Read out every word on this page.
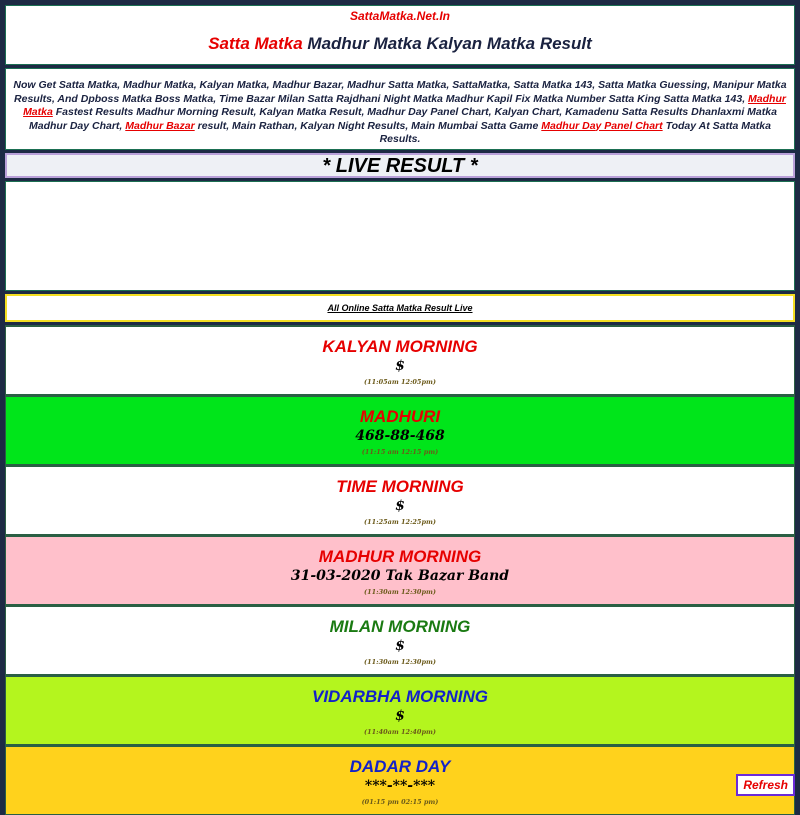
SattaMatka.Net.In
Satta Matka Madhur Matka Kalyan Matka Result
Now Get Satta Matka, Madhur Matka, Kalyan Matka, Madhur Bazar, Madhur Satta Matka, SattaMatka, Satta Matka 143, Satta Matka Guessing, Manipur Matka Results, And Dpboss Matka Boss Matka, Time Bazar Milan Satta Rajdhani Night Matka Madhur Kapil Fix Matka Number Satta King Satta Matka 143, Madhur Matka Fastest Results Madhur Morning Result, Kalyan Matka Result, Madhur Day Panel Chart, Kalyan Chart, Kamadenu Satta Results Dhanlaxmi Matka Madhur Day Chart, Madhur Bazar result, Main Rathan, Kalyan Night Results, Main Mumbai Satta Game Madhur Day Panel Chart Today At Satta Matka Results.
* LIVE RESULT *
All Online Satta Matka Result Live
KALYAN MORNING
$
(11:05am 12:05pm)
MADHURI
468-88-468
(11:15 am 12:15 pm)
TIME MORNING
$
(11:25am 12:25pm)
MADHUR MORNING
31-03-2020 Tak Bazar Band
(11:30am 12:30pm)
MILAN MORNING
$
(11:30am 12:30pm)
VIDARBHA MORNING
$
(11:40am 12:40pm)
DADAR DAY
***-**-***
(01:15 pm 02:15 pm)
Refresh
